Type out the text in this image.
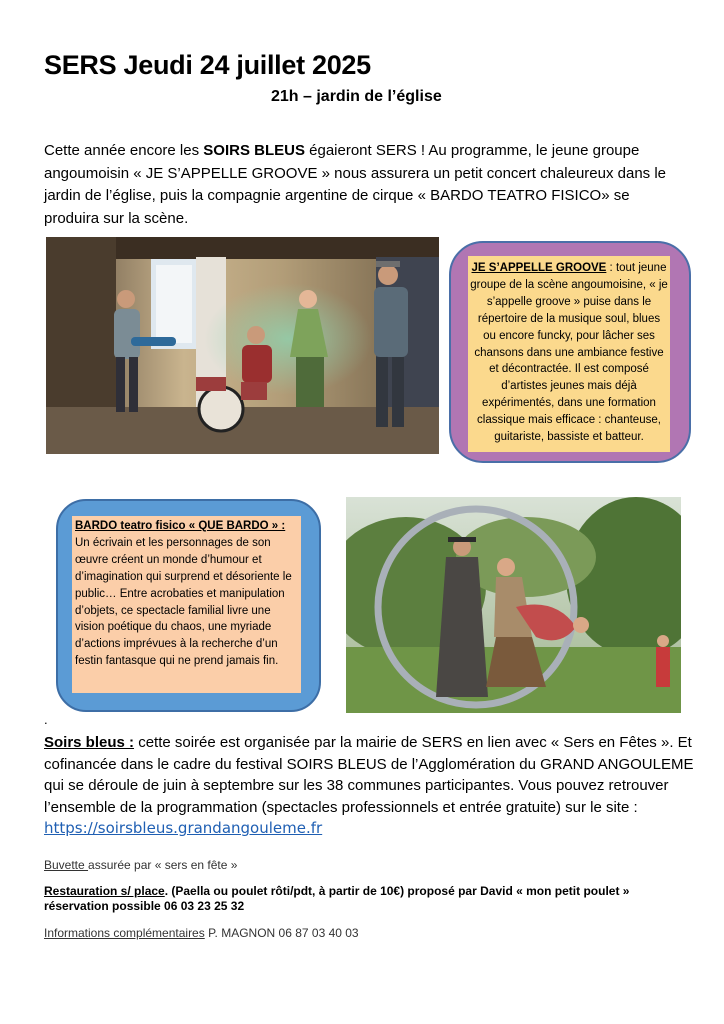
SERS Jeudi 24 juillet 2025
21h – jardin de l’église
Cette année encore les SOIRS BLEUS égaieront SERS ! Au programme, le jeune groupe angoumoisin « JE S’APPELLE GROOVE » nous assurera un petit concert chaleureux dans le jardin de l’église, puis la compagnie argentine de cirque « BARDO TEATRO FISICO» se produira sur la scène.
JE S’APPELLE GROOVE : tout jeune groupe de la scène angoumoisine, « je s’appelle groove » puise dans le répertoire de la musique soul, blues ou encore funcky, pour lâcher ses chansons dans une ambiance festive et décontractée. Il est composé d’artistes jeunes mais déjà expérimentés, dans une formation classique mais efficace : chanteuse, guitariste, bassiste et batteur.
BARDO teatro fisico « QUE BARDO » :
Un écrivain et les personnages de son œuvre créent un monde d’humour et d’imagination qui surprend et désoriente le public… Entre acrobaties et manipulation d’objets, ce spectacle familial livre une vision poétique du chaos, une myriade d’actions imprévues à la recherche d’un festin fantasque qui ne prend jamais fin.
.
Soirs bleus : cette soirée est organisée par la mairie de SERS en lien avec « Sers en Fêtes ». Et cofinancée dans le cadre du festival SOIRS BLEUS de l’Agglomération du GRAND ANGOULEME qui se déroule de juin à septembre sur les 38 communes participantes. Vous pouvez retrouver l’ensemble de la programmation (spectacles professionnels et entrée gratuite) sur le site : https://soirsbleus.grandangouleme.fr
Buvette assurée par « sers en fête »
Restauration s/ place. (Paella ou poulet rôti/pdt, à partir de 10€) proposé par David « mon petit poulet » réservation possible 06 03 23 25 32
Informations complémentaires P. MAGNON 06 87 03 40 03
